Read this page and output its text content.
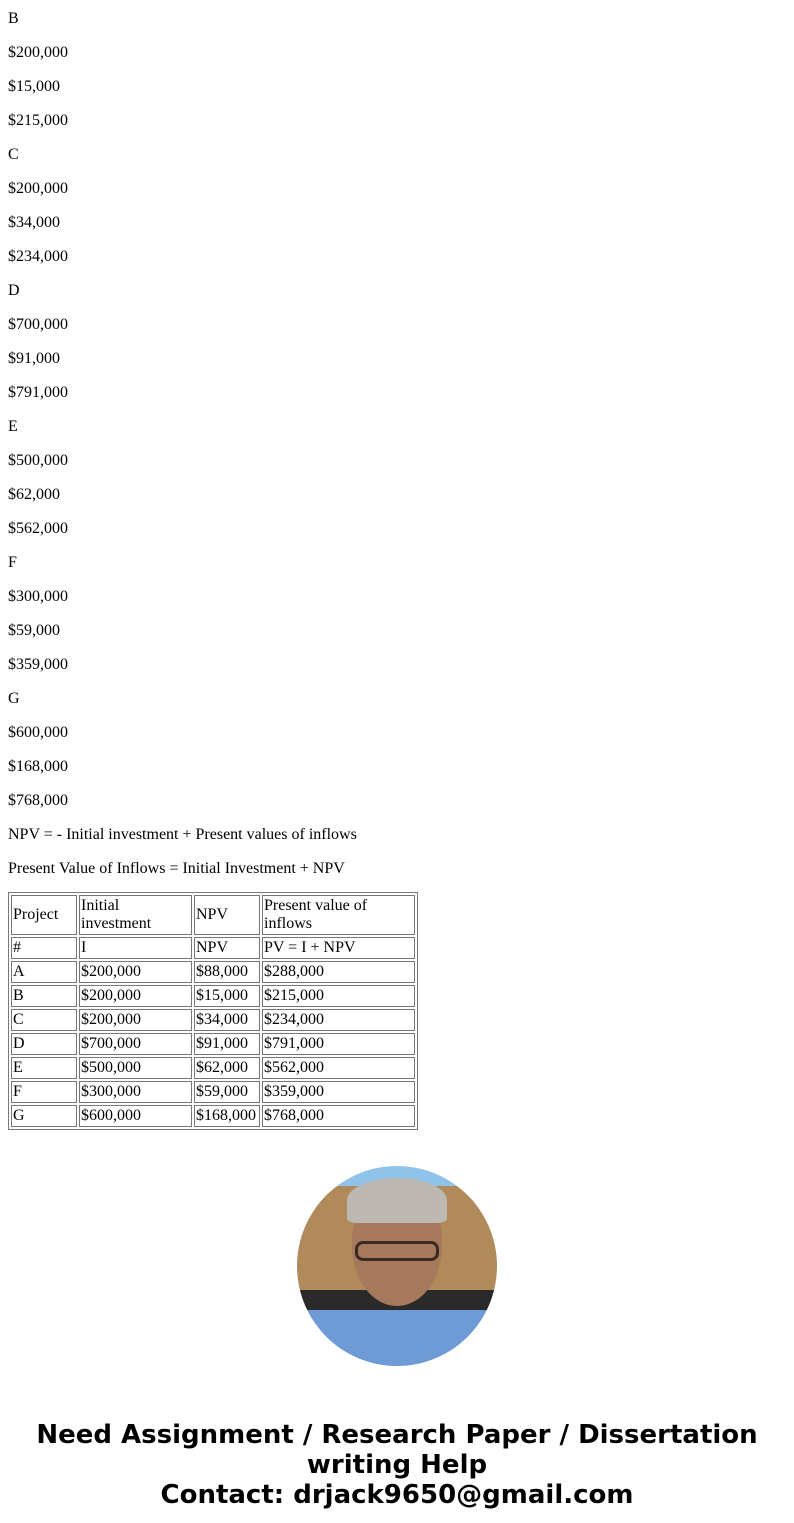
B

$200,000

$15,000

$215,000

C

$200,000

$34,000

$234,000

D

$700,000

$91,000

$791,000

E

$500,000

$62,000

$562,000

F

$300,000

$59,000

$359,000

G

$600,000

$168,000

$768,000

NPV = - Initial investment + Present values of inflows

Present Value of Inflows = Initial Investment + NPV

Project	Initial investment	NPV	Present value of inflows
#	I	NPV	PV = I + NPV
A	$200,000	$88,000	$288,000
B	$200,000	$15,000	$215,000
C	$200,000	$34,000	$234,000
D	$700,000	$91,000	$791,000
E	$500,000	$62,000	$562,000
F	$300,000	$59,000	$359,000
G	$600,000	$168,000	$768,000
Need Assignment / Research Paper / Dissertation
writing Help
Contact: drjack9650@gmail.com
